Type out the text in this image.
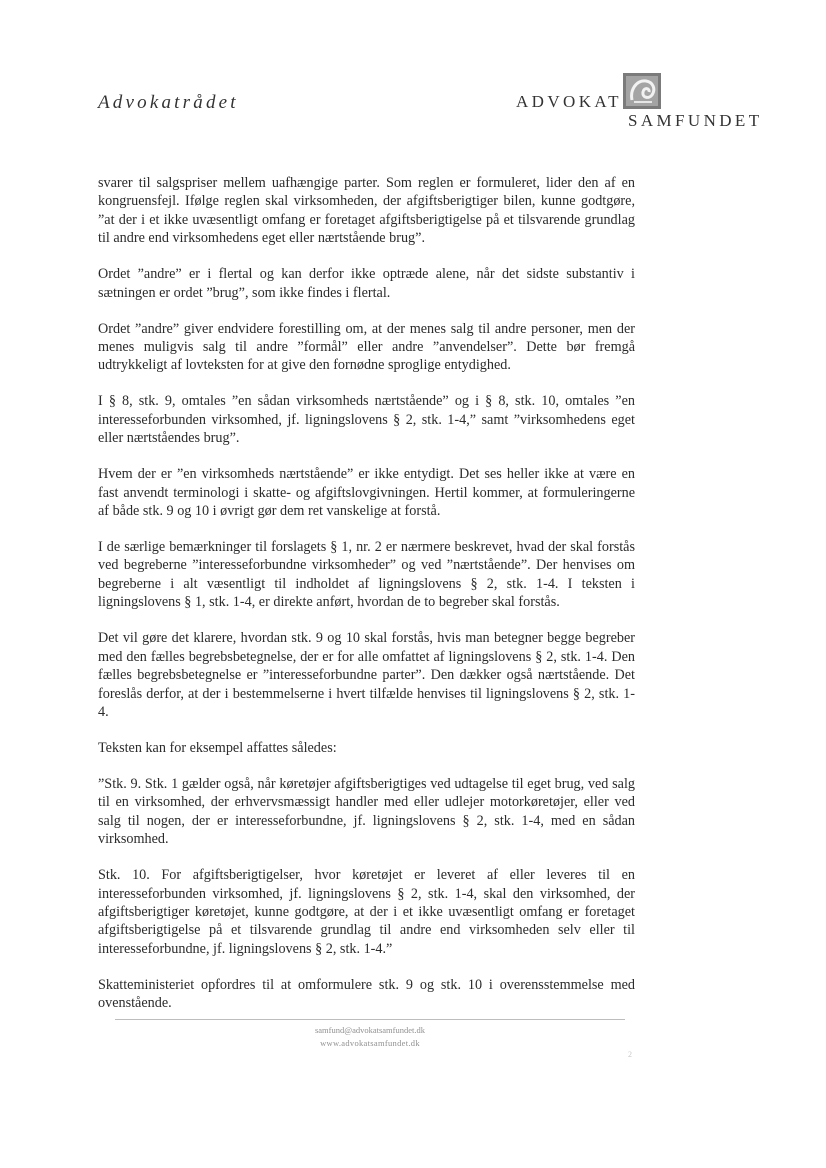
Advokatrådet	ADVOKAT
SAMFUNDET

svarer til salgspriser mellem uafhængige parter. Som reglen er formuleret, lider den af en kongruensfejl. Ifølge reglen skal virksomheden, der afgiftsberigtiger bilen, kunne godtgøre, ”at der i et ikke uvæsentligt omfang er foretaget afgiftsberigtigelse på et tilsvarende grundlag til andre end virksomhedens eget eller nærtstående brug”.

Ordet ”andre” er i flertal og kan derfor ikke optræde alene, når det sidste substantiv i sætningen er ordet ”brug”, som ikke findes i flertal.

Ordet ”andre” giver endvidere forestilling om, at der menes salg til andre personer, men der menes muligvis salg til andre ”formål” eller andre ”anvendelser”. Dette bør fremgå udtrykkeligt af lovteksten for at give den fornødne sproglige entydighed.

I § 8, stk. 9, omtales ”en sådan virksomheds nærtstående” og i § 8, stk. 10, omtales ”en interesseforbunden virksomhed, jf. ligningslovens § 2, stk. 1-4,” samt ”virksomhedens eget eller nærtståendes brug”.

Hvem der er ”en virksomheds nærtstående” er ikke entydigt. Det ses heller ikke at være en fast anvendt terminologi i skatte- og afgiftslovgivningen. Hertil kommer, at formuleringerne af både stk. 9 og 10 i øvrigt gør dem ret vanskelige at forstå.

I de særlige bemærkninger til forslagets § 1, nr. 2 er nærmere beskrevet, hvad der skal forstås ved begreberne ”interesseforbundne virksomheder” og ved ”nærtstående”. Der henvises om begreberne i alt væsentligt til indholdet af ligningslovens § 2, stk. 1-4. I teksten i ligningslovens § 1, stk. 1-4, er direkte anført, hvordan de to begreber skal forstås.

Det vil gøre det klarere, hvordan stk. 9 og 10 skal forstås, hvis man betegner begge begreber med den fælles begrebsbetegnelse, der er for alle omfattet af ligningslovens § 2, stk. 1-4. Den fælles begrebsbetegnelse er ”interesseforbundne parter”. Den dækker også nærtstående. Det foreslås derfor, at der i bestemmelserne i hvert tilfælde henvises til ligningslovens § 2, stk. 1-4.

Teksten kan for eksempel affattes således:

”Stk. 9. Stk. 1 gælder også, når køretøjer afgiftsberigtiges ved udtagelse til eget brug, ved salg til en virksomhed, der erhvervsmæssigt handler med eller udlejer motorkøretøjer, eller ved salg til nogen, der er interesseforbundne, jf. ligningslovens § 2, stk. 1-4, med en sådan virksomhed.

Stk. 10. For afgiftsberigtigelser, hvor køretøjet er leveret af eller leveres til en interesseforbunden virksomhed, jf. ligningslovens § 2, stk. 1-4, skal den virksomhed, der afgiftsberigtiger køretøjet, kunne godtgøre, at der i et ikke uvæsentligt omfang er foretaget afgiftsberigtigelse på et tilsvarende grundlag til andre end virksomheden selv eller til interesseforbundne, jf. ligningslovens § 2, stk. 1-4.”

Skatteministeriet opfordres til at omformulere stk. 9 og stk. 10 i overensstemmelse med ovenstående.

samfund@advokatsamfundet.dk
www.advokatsamfundet.dk
2
